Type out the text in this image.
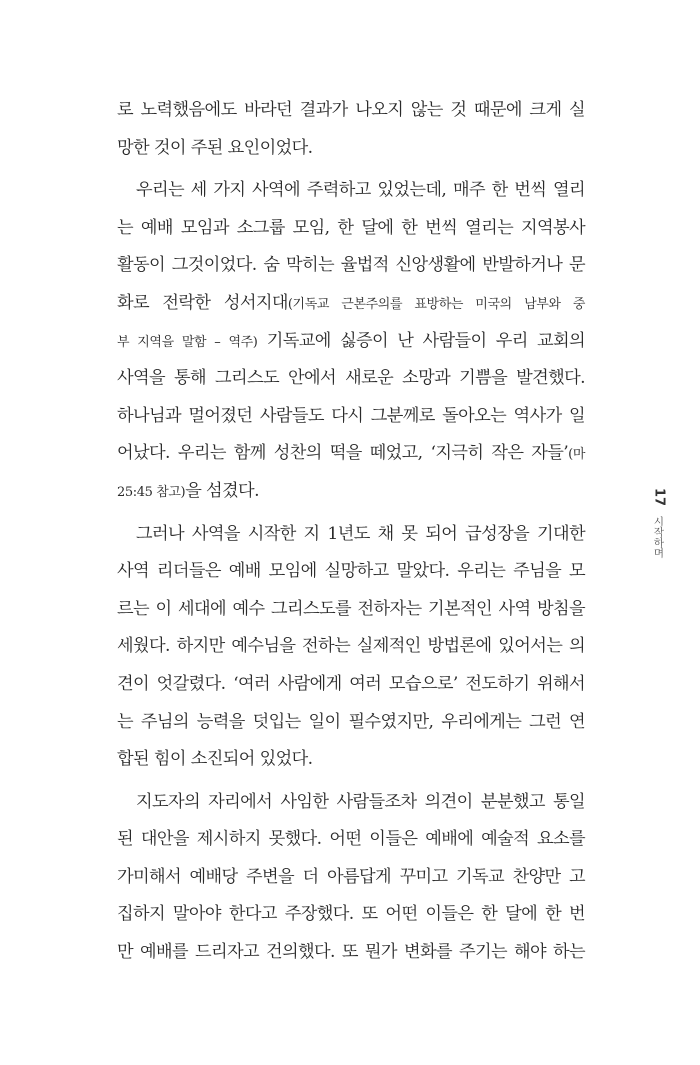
로 노력했음에도 바라던 결과가 나오지 않는 것 때문에 크게 실
망한 것이 주된 요인이었다.
우리는 세 가지 사역에 주력하고 있었는데, 매주 한 번씩 열리
는 예배 모임과 소그룹 모임, 한 달에 한 번씩 열리는 지역봉사
활동이 그것이었다. 숨 막히는 율법적 신앙생활에 반발하거나 문
화로 전락한 성서지대(기독교 근본주의를 표방하는 미국의 남부와 중
부 지역을 말함 – 역주) 기독교에 싫증이 난 사람들이 우리 교회의
사역을 통해 그리스도 안에서 새로운 소망과 기쁨을 발견했다.
하나님과 멀어졌던 사람들도 다시 그분께로 돌아오는 역사가 일
어났다. 우리는 함께 성찬의 떡을 떼었고, ‘지극히 작은 자들’(마
25:45 참고)을 섬겼다.
그러나 사역을 시작한 지 1년도 채 못 되어 급성장을 기대한
사역 리더들은 예배 모임에 실망하고 말았다. 우리는 주님을 모
르는 이 세대에 예수 그리스도를 전하자는 기본적인 사역 방침을
세웠다. 하지만 예수님을 전하는 실제적인 방법론에 있어서는 의
견이 엇갈렸다. ‘여러 사람에게 여러 모습으로’ 전도하기 위해서
는 주님의 능력을 덧입는 일이 필수였지만, 우리에게는 그런 연
합된 힘이 소진되어 있었다.
지도자의 자리에서 사임한 사람들조차 의견이 분분했고 통일
된 대안을 제시하지 못했다. 어떤 이들은 예배에 예술적 요소를
가미해서 예배당 주변을 더 아름답게 꾸미고 기독교 찬양만 고
집하지 말아야 한다고 주장했다. 또 어떤 이들은 한 달에 한 번
만 예배를 드리자고 건의했다. 또 뭔가 변화를 주기는 해야 하는
17
시작하며
